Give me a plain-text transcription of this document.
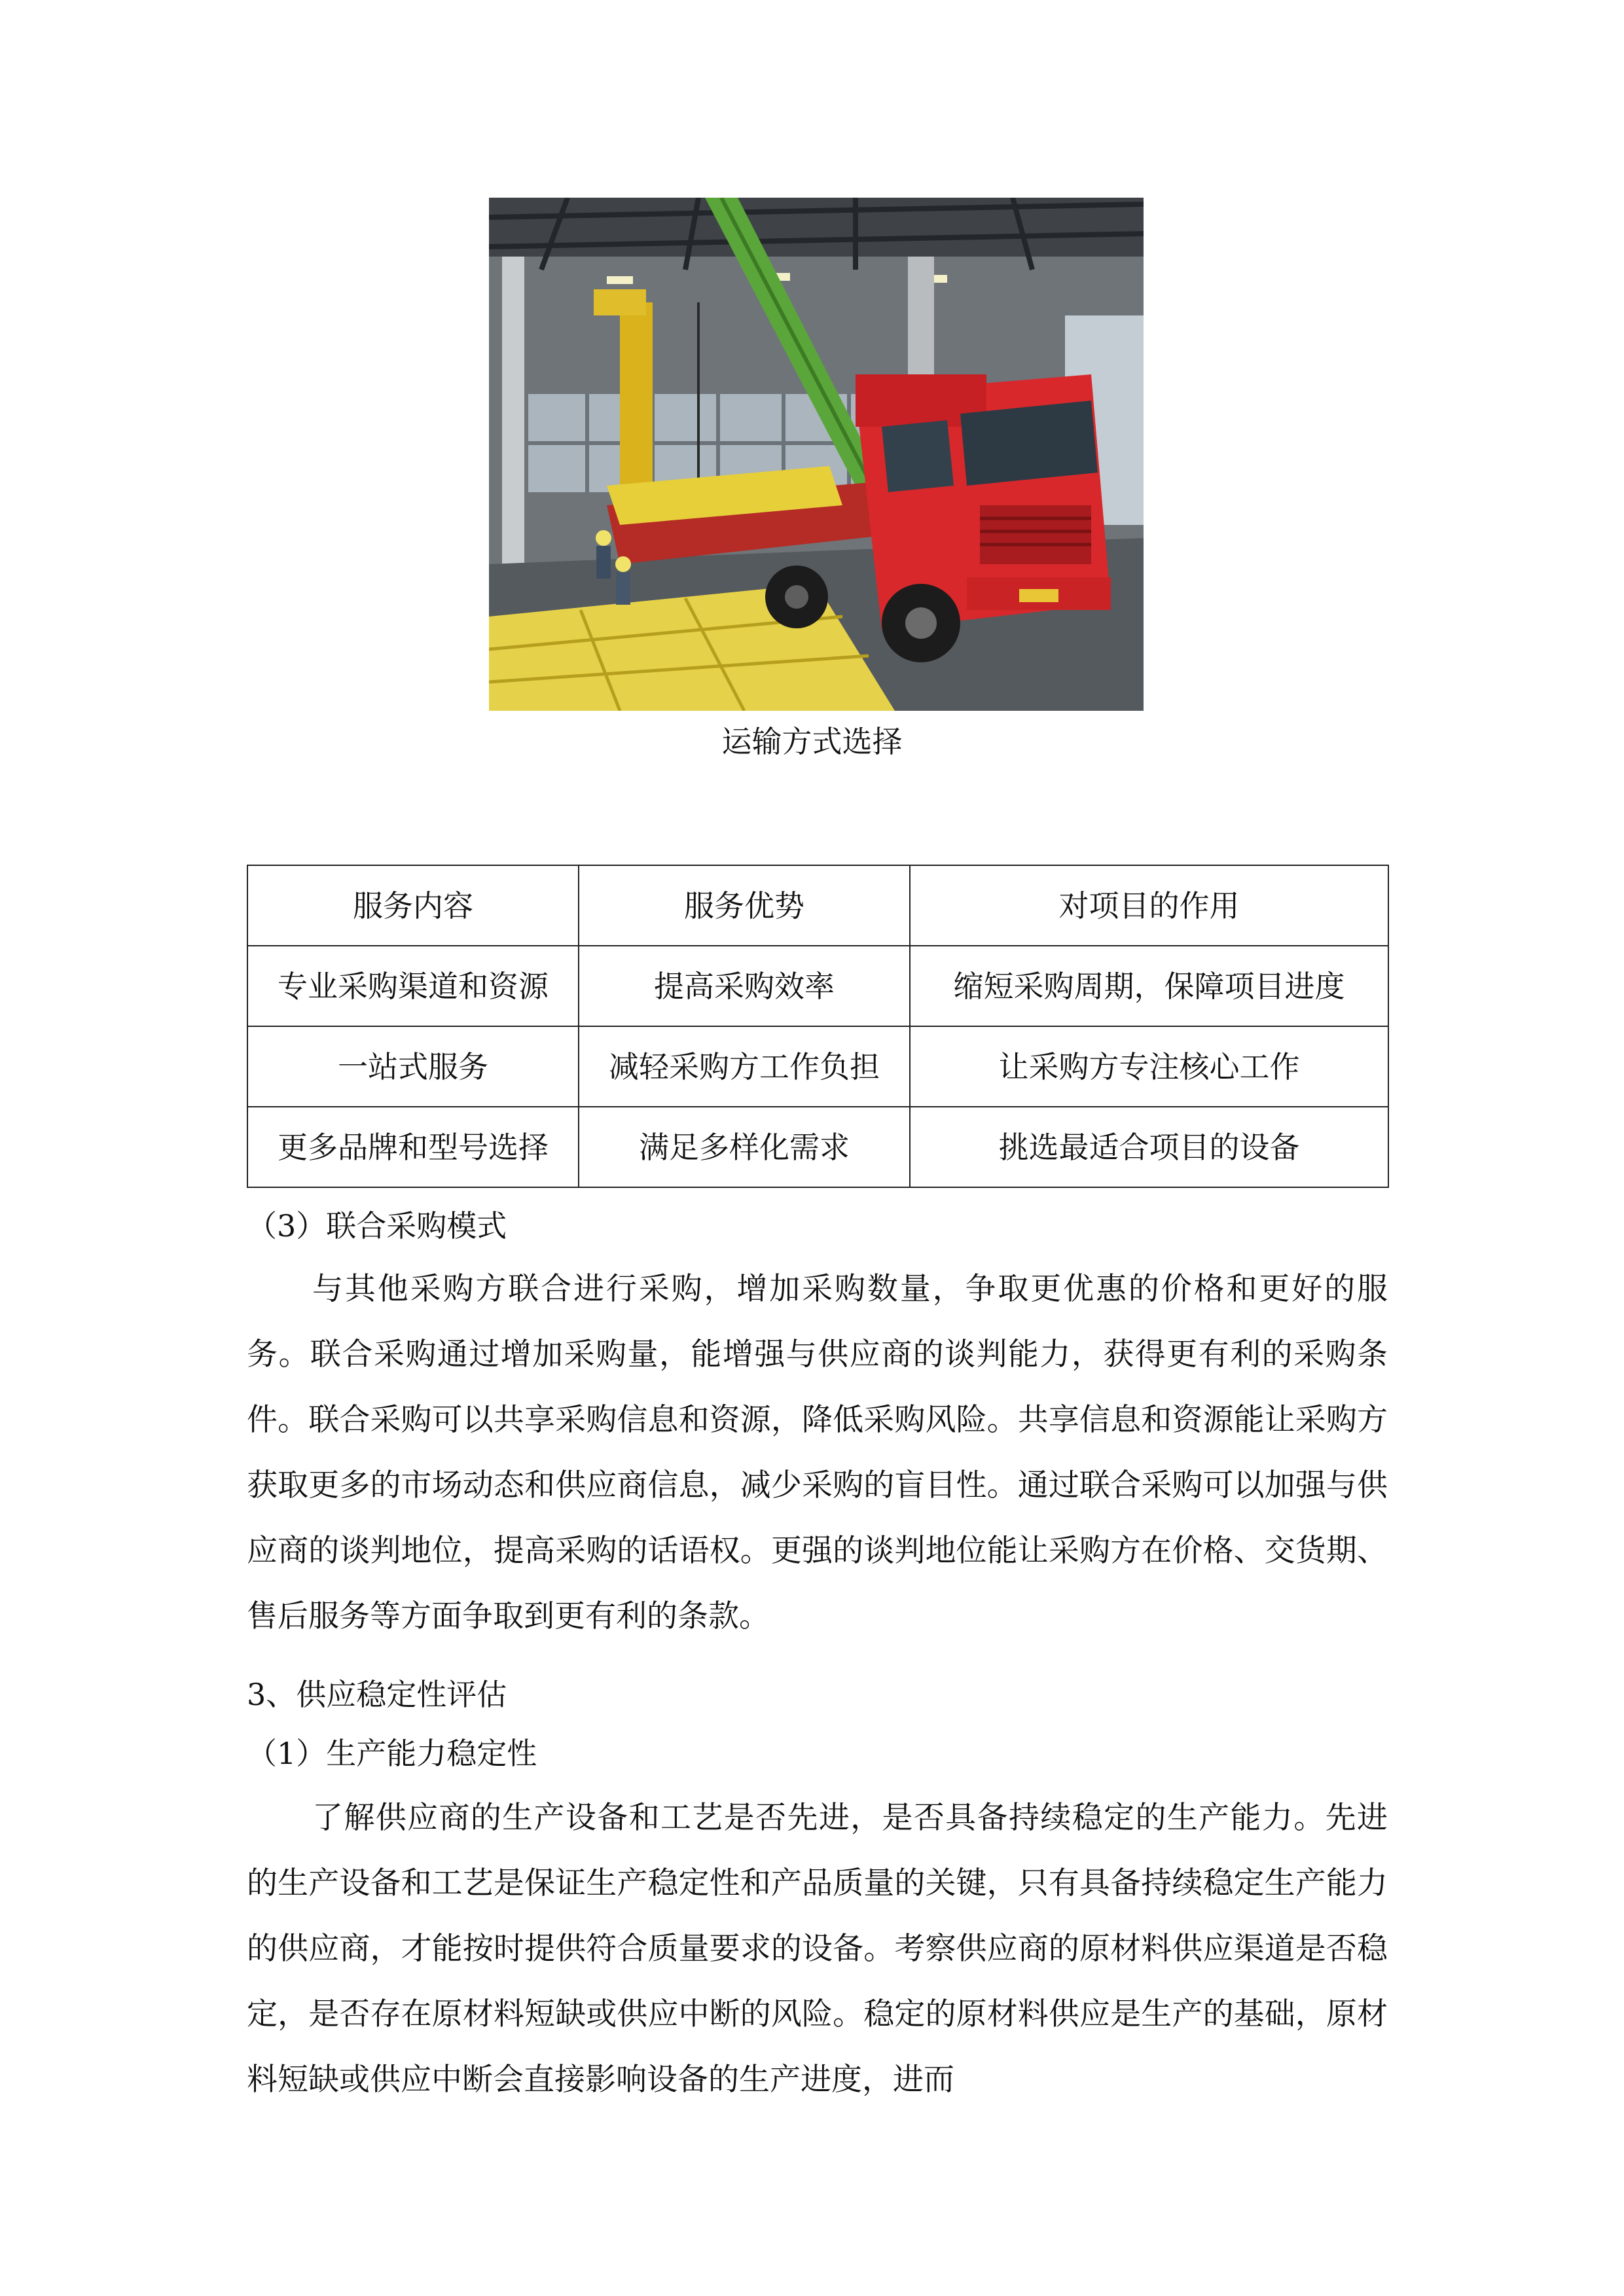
运输方式选择
服务内容	服务优势	对项目的作用
专业采购渠道和资源	提高采购效率	缩短采购周期，保障项目进度
一站式服务	减轻采购方工作负担	让采购方专注核心工作
更多品牌和型号选择	满足多样化需求	挑选最适合项目的设备
（3）联合采购模式
与其他采购方联合进行采购，增加采购数量，争取更优惠的价格和更好的服务。联合采购通过增加采购量，能增强与供应商的谈判能力，获得更有利的采购条件。联合采购可以共享采购信息和资源，降低采购风险。共享信息和资源能让采购方获取更多的市场动态和供应商信息，减少采购的盲目性。通过联合采购可以加强与供应商的谈判地位，提高采购的话语权。更强的谈判地位能让采购方在价格、交货期、售后服务等方面争取到更有利的条款。
3、供应稳定性评估
（1）生产能力稳定性
了解供应商的生产设备和工艺是否先进，是否具备持续稳定的生产能力。先进的生产设备和工艺是保证生产稳定性和产品质量的关键，只有具备持续稳定生产能力的供应商，才能按时提供符合质量要求的设备。考察供应商的原材料供应渠道是否稳定，是否存在原材料短缺或供应中断的风险。稳定的原材料供应是生产的基础，原材料短缺或供应中断会直接影响设备的生产进度，进而
